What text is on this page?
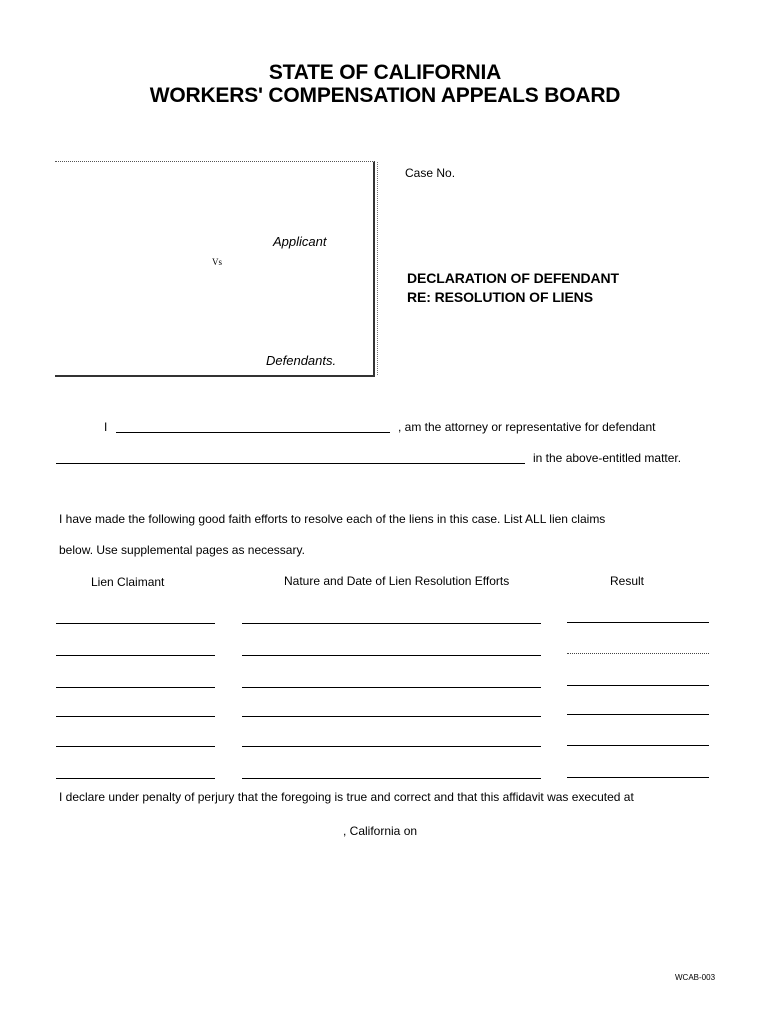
STATE OF CALIFORNIA
WORKERS' COMPENSATION APPEALS BOARD
Applicant
Vs
Defendants.
Case No.
DECLARATION OF DEFENDANT
RE: RESOLUTION OF LIENS
I	, am the attorney or representative for defendant
in the above-entitled matter.
I have made the following good faith efforts to resolve each of the liens in this case. List ALL lien claims
below. Use supplemental pages as necessary.
Lien Claimant	Nature and Date of Lien Resolution Efforts	Result
I declare under penalty of perjury that the foregoing is true and correct and that this affidavit was executed at
, California on
WCAB-003
